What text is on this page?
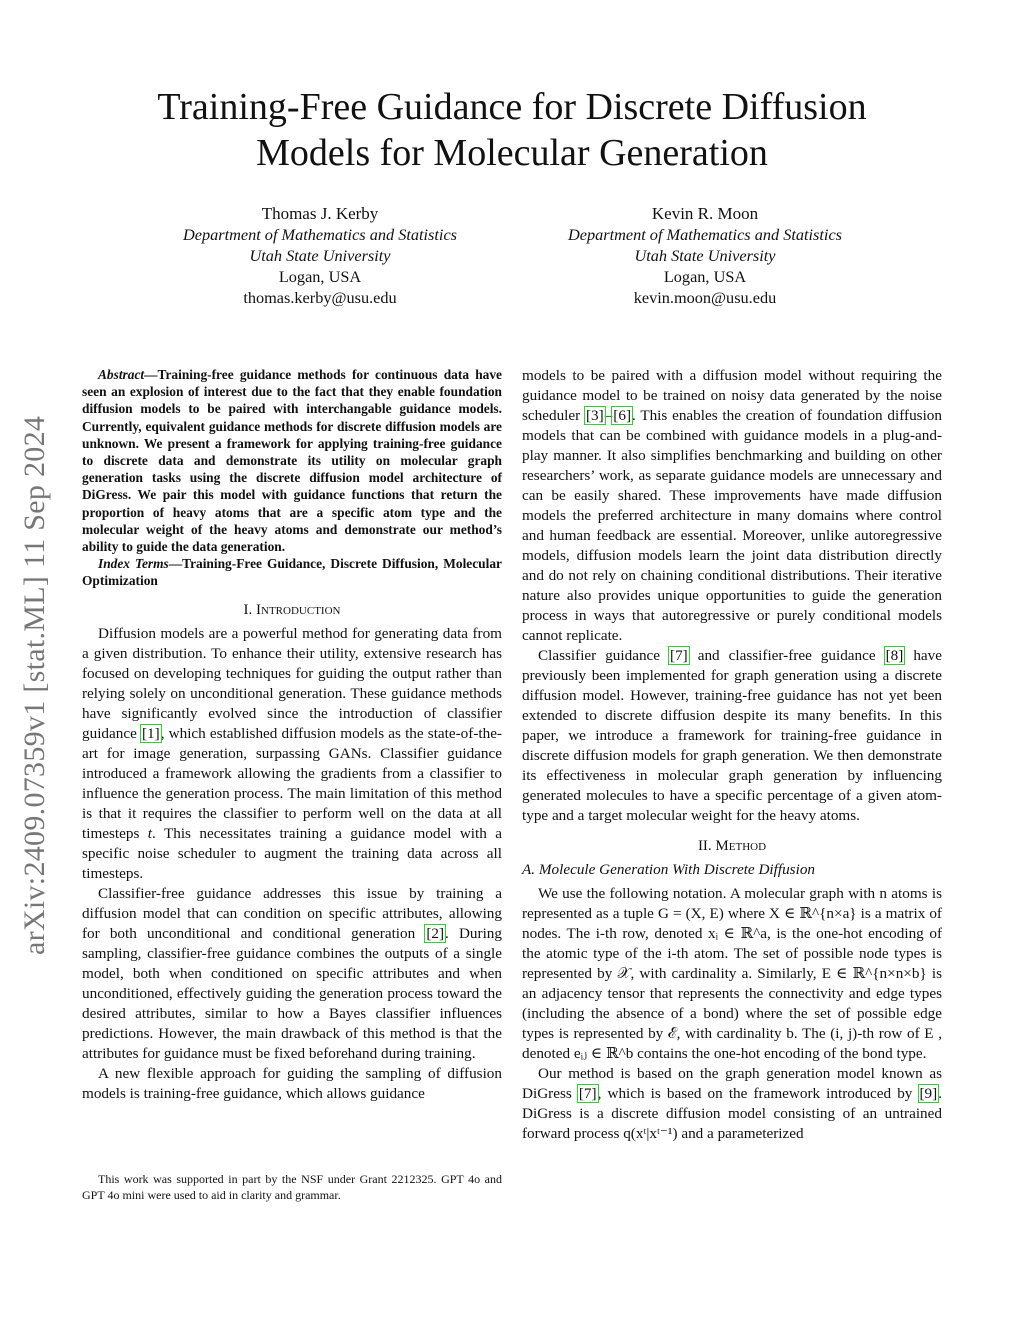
Training-Free Guidance for Discrete Diffusion
Models for Molecular Generation
Thomas J. Kerby
Department of Mathematics and Statistics
Utah State University
Logan, USA
thomas.kerby@usu.edu
Kevin R. Moon
Department of Mathematics and Statistics
Utah State University
Logan, USA
kevin.moon@usu.edu
arXiv:2409.07359v1 [stat.ML] 11 Sep 2024

Abstract—Training-free guidance methods for continuous data have seen an explosion of interest due to the fact that they enable foundation diffusion models to be paired with interchangable guidance models. Currently, equivalent guidance methods for discrete diffusion models are unknown. We present a framework for applying training-free guidance to discrete data and demonstrate its utility on molecular graph generation tasks using the discrete diffusion model architecture of DiGress. We pair this model with guidance functions that return the proportion of heavy atoms that are a specific atom type and the molecular weight of the heavy atoms and demonstrate our method’s ability to guide the data generation.

Index Terms—Training-Free Guidance, Discrete Diffusion, Molecular Optimization

I. Introduction

Diffusion models are a powerful method for generating data from a given distribution. To enhance their utility, extensive research has focused on developing techniques for guiding the output rather than relying solely on unconditional generation. These guidance methods have significantly evolved since the introduction of classifier guidance [1], which established diffusion models as the state-of-the-art for image generation, surpassing GANs. Classifier guidance introduced a framework allowing the gradients from a classifier to influence the generation process. The main limitation of this method is that it requires the classifier to perform well on the data at all timesteps t. This necessitates training a guidance model with a specific noise scheduler to augment the training data across all timesteps.

Classifier-free guidance addresses this issue by training a diffusion model that can condition on specific attributes, allowing for both unconditional and conditional generation [2]. During sampling, classifier-free guidance combines the outputs of a single model, both when conditioned on specific attributes and when unconditioned, effectively guiding the generation process toward the desired attributes, similar to how a Bayes classifier influences predictions. However, the main drawback of this method is that the attributes for guidance must be fixed beforehand during training.

A new flexible approach for guiding the sampling of diffusion models is training-free guidance, which allows guidance

This work was supported in part by the NSF under Grant 2212325. GPT 4o and GPT 4o mini were used to aid in clarity and grammar.

models to be paired with a diffusion model without requiring the guidance model to be trained on noisy data generated by the noise scheduler [3]–[6]. This enables the creation of foundation diffusion models that can be combined with guidance models in a plug-and-play manner. It also simplifies benchmarking and building on other researchers’ work, as separate guidance models are unnecessary and can be easily shared. These improvements have made diffusion models the preferred architecture in many domains where control and human feedback are essential. Moreover, unlike autoregressive models, diffusion models learn the joint data distribution directly and do not rely on chaining conditional distributions. Their iterative nature also provides unique opportunities to guide the generation process in ways that autoregressive or purely conditional models cannot replicate.

Classifier guidance [7] and classifier-free guidance [8] have previously been implemented for graph generation using a discrete diffusion model. However, training-free guidance has not yet been extended to discrete diffusion despite its many benefits. In this paper, we introduce a framework for training-free guidance in discrete diffusion models for graph generation. We then demonstrate its effectiveness in molecular graph generation by influencing generated molecules to have a specific percentage of a given atom-type and a target molecular weight for the heavy atoms.

II. Method
A. Molecule Generation With Discrete Diffusion

We use the following notation. A molecular graph with n atoms is represented as a tuple G = (X, E) where X ∈ ℝ^{n×a} is a matrix of nodes. The i-th row, denoted xᵢ ∈ ℝ^a, is the one-hot encoding of the atomic type of the i-th atom. The set of possible node types is represented by 𝒳, with cardinality a. Similarly, E ∈ ℝ^{n×n×b} is an adjacency tensor that represents the connectivity and edge types (including the absence of a bond) where the set of possible edge types is represented by ℰ, with cardinality b. The (i, j)-th row of E , denoted eᵢⱼ ∈ ℝ^b contains the one-hot encoding of the bond type.

Our method is based on the graph generation model known as DiGress [7], which is based on the framework introduced by [9]. DiGress is a discrete diffusion model consisting of an untrained forward process q(xᵗ|xᵗ⁻¹) and a parameterized
